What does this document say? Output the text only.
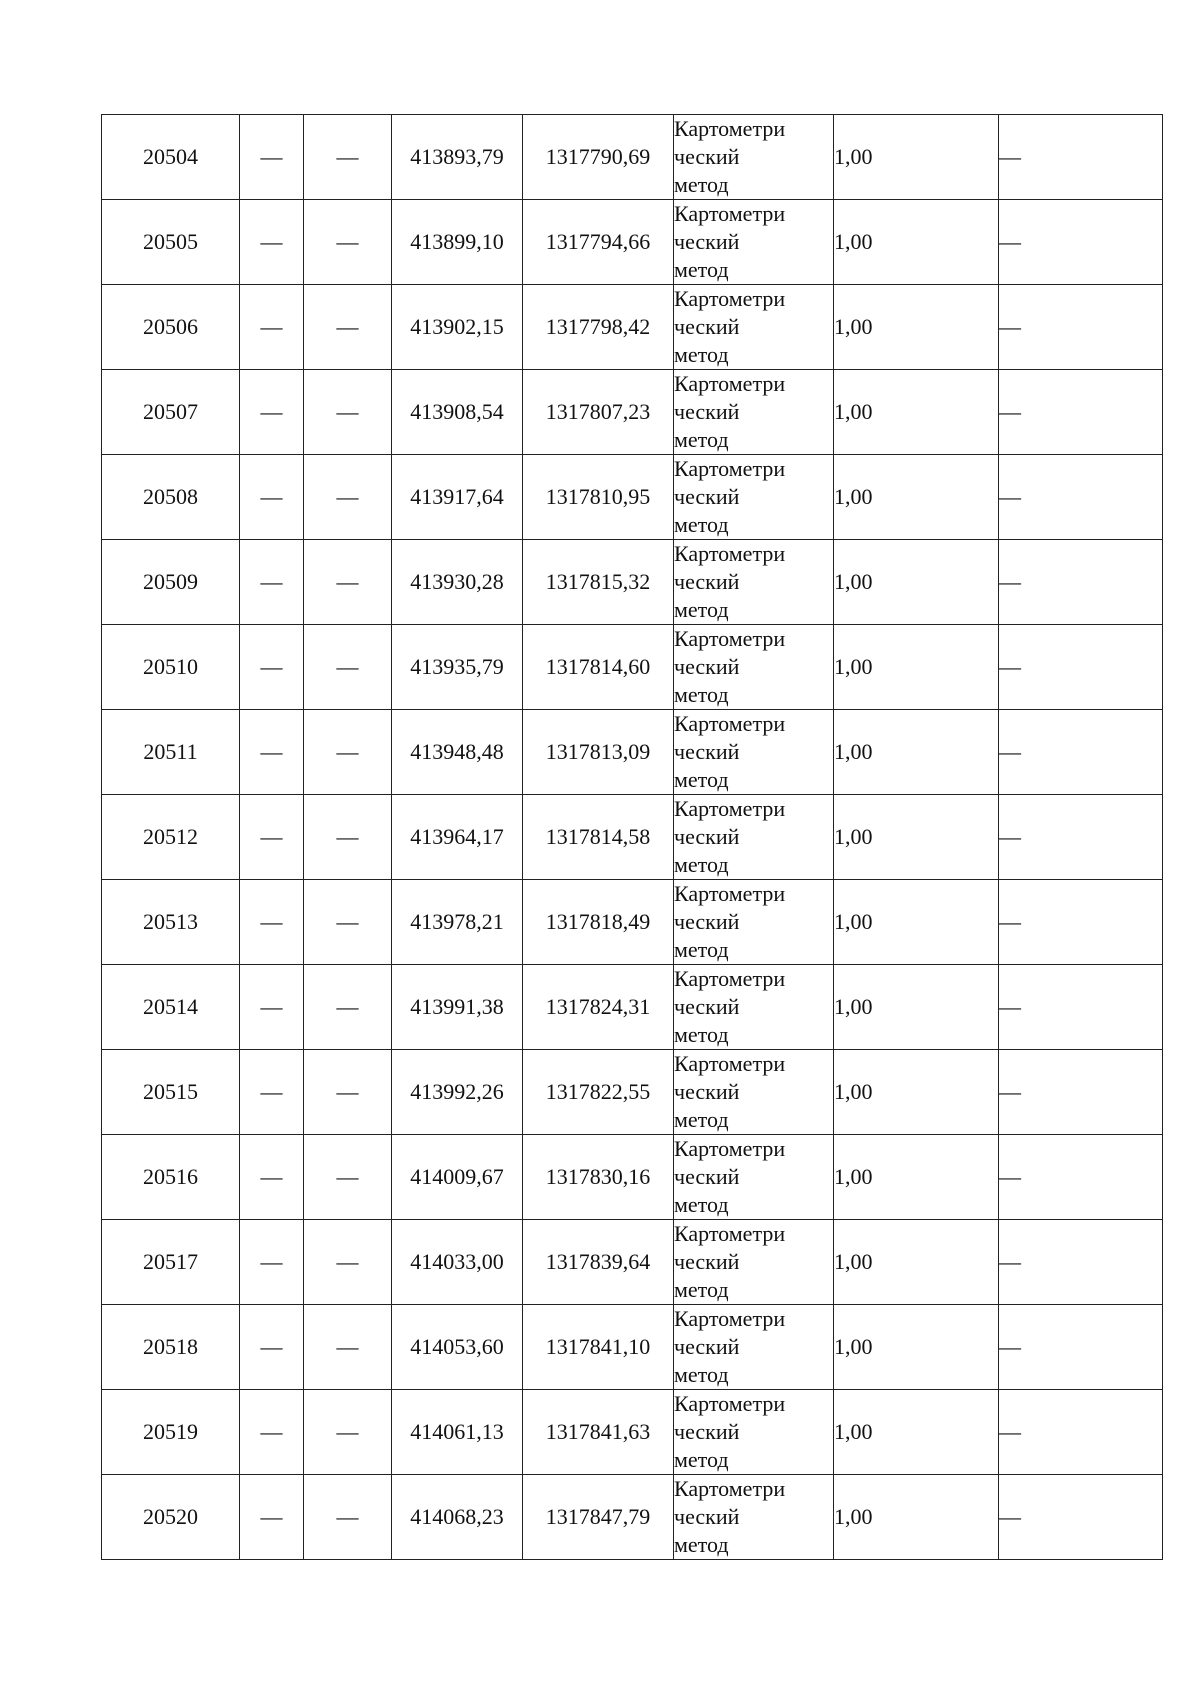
20504	—	—	413893,79	1317790,69	Картометри
ческий
метод	1,00	—
20505	—	—	413899,10	1317794,66	Картометри
ческий
метод	1,00	—
20506	—	—	413902,15	1317798,42	Картометри
ческий
метод	1,00	—
20507	—	—	413908,54	1317807,23	Картометри
ческий
метод	1,00	—
20508	—	—	413917,64	1317810,95	Картометри
ческий
метод	1,00	—
20509	—	—	413930,28	1317815,32	Картометри
ческий
метод	1,00	—
20510	—	—	413935,79	1317814,60	Картометри
ческий
метод	1,00	—
20511	—	—	413948,48	1317813,09	Картометри
ческий
метод	1,00	—
20512	—	—	413964,17	1317814,58	Картометри
ческий
метод	1,00	—
20513	—	—	413978,21	1317818,49	Картометри
ческий
метод	1,00	—
20514	—	—	413991,38	1317824,31	Картометри
ческий
метод	1,00	—
20515	—	—	413992,26	1317822,55	Картометри
ческий
метод	1,00	—
20516	—	—	414009,67	1317830,16	Картометри
ческий
метод	1,00	—
20517	—	—	414033,00	1317839,64	Картометри
ческий
метод	1,00	—
20518	—	—	414053,60	1317841,10	Картометри
ческий
метод	1,00	—
20519	—	—	414061,13	1317841,63	Картометри
ческий
метод	1,00	—
20520	—	—	414068,23	1317847,79	Картометри
ческий
метод	1,00	—
